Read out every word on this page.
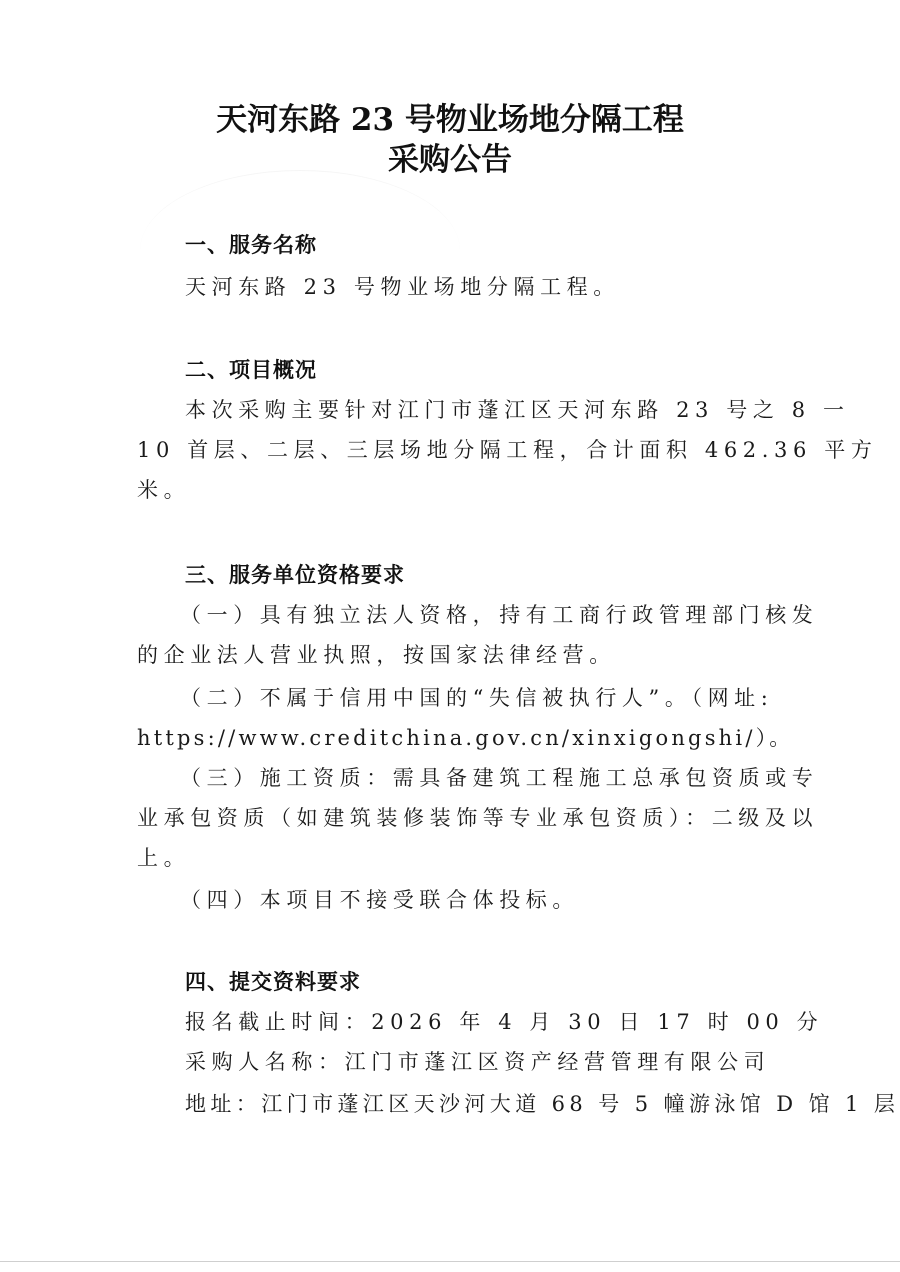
天河东路 23 号物业场地分隔工程
采购公告
一、服务名称
天河东路 23 号物业场地分隔工程。
二、项目概况
本次采购主要针对江门市蓬江区天河东路 23 号之 8 一
10 首层、二层、三层场地分隔工程，合计面积 462.36 平方
米。
三、服务单位资格要求
（一）具有独立法人资格，持有工商行政管理部门核发
的企业法人营业执照，按国家法律经营。
（二）不属于信用中国的“失信被执行人”。（网址:
https://www.creditchina.gov.cn/xinxigongshi/）。
（三）施工资质：需具备建筑工程施工总承包资质或专
业承包资质（如建筑装修装饰等专业承包资质）：二级及以
上。
（四）本项目不接受联合体投标。
四、提交资料要求
报名截止时间：2026 年 4 月 30 日 17 时 00 分
采购人名称：江门市蓬江区资产经营管理有限公司
地址：江门市蓬江区天沙河大道 68 号 5 幢游泳馆 D 馆 1 层
